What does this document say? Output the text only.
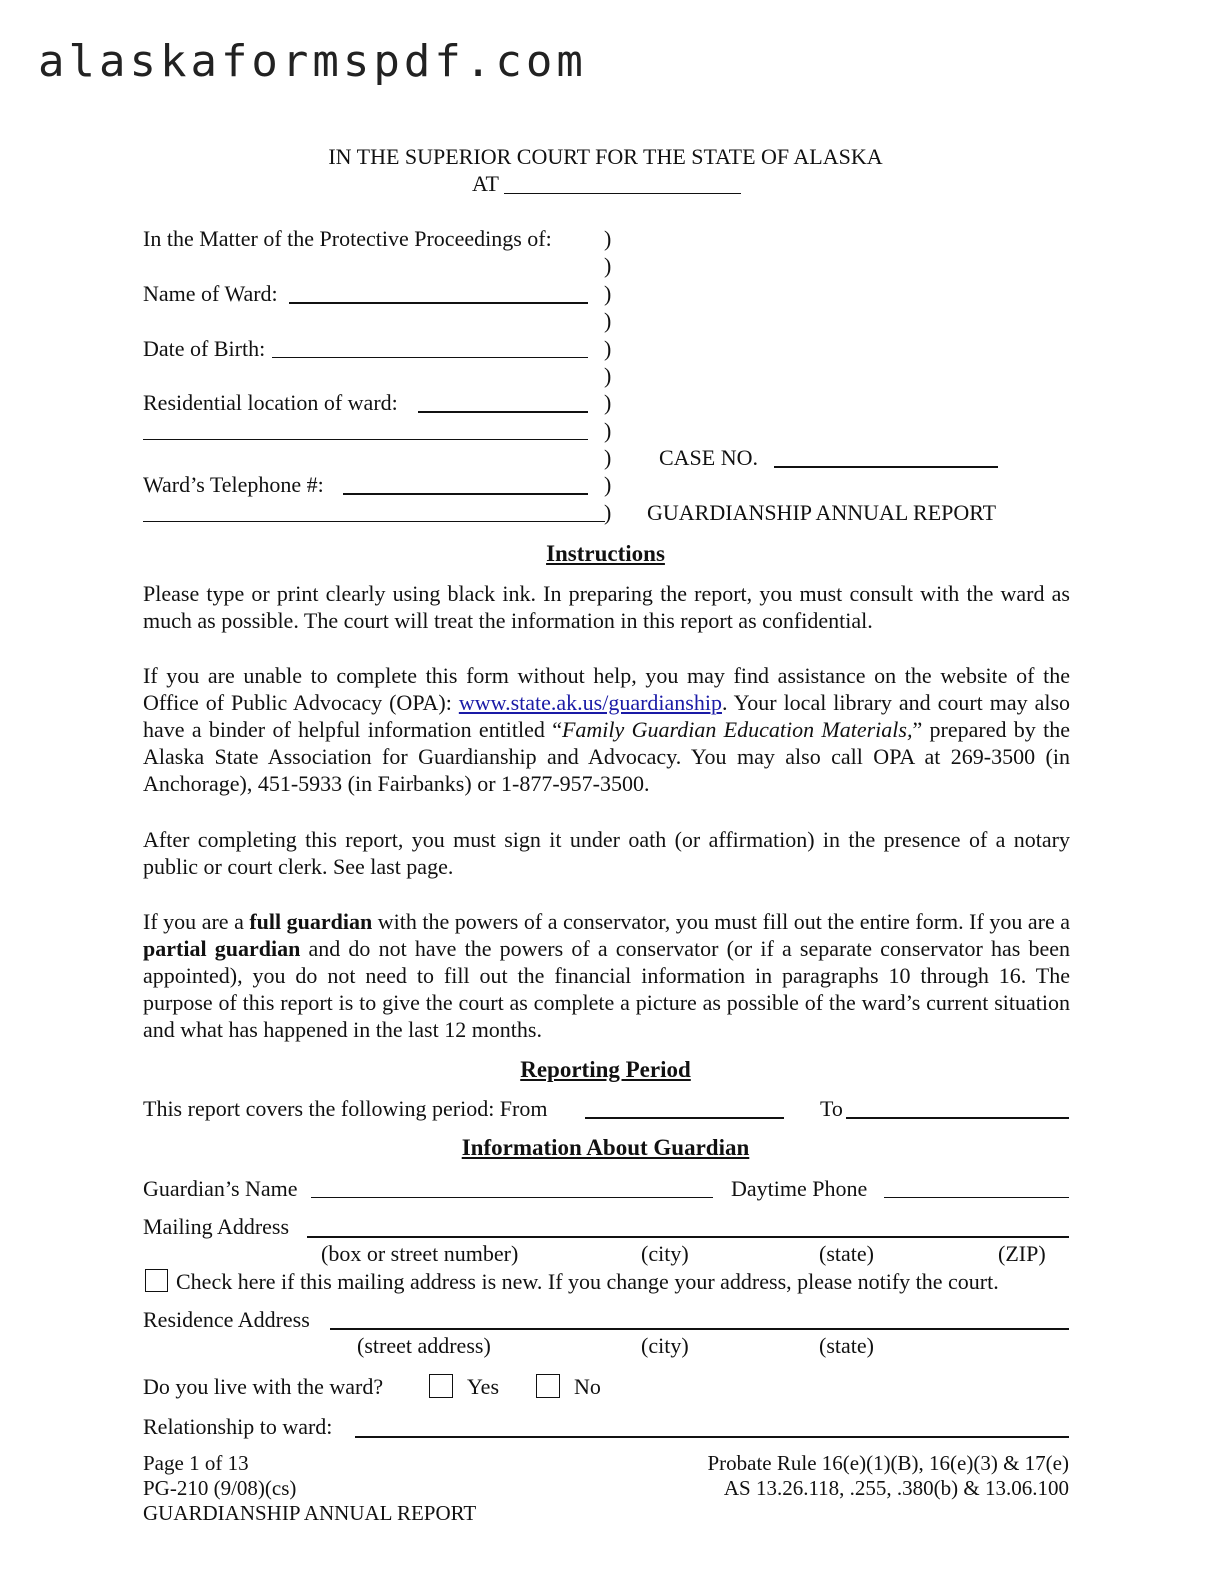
alaskaformspdf.com
IN THE SUPERIOR COURT FOR THE STATE OF ALASKA
AT
In the Matter of the Protective Proceedings of:
Name of Ward:
Date of Birth:
Residential location of ward:
Ward’s Telephone #:
)
)
)
)
)
)
)
)
)
)
)
CASE NO.
GUARDIANSHIP ANNUAL REPORT
Instructions
Please type or print clearly using black ink. In preparing the report, you must consult with the ward as much as possible. The court will treat the information in this report as confidential.
If you are unable to complete this form without help, you may find assistance on the website of the Office of Public Advocacy (OPA): www.state.ak.us/guardianship. Your local library and court may also have a binder of helpful information entitled “Family Guardian Education Materials,” prepared by the Alaska State Association for Guardianship and Advocacy. You may also call OPA at 269-3500 (in Anchorage), 451-5933 (in Fairbanks) or 1-877-957-3500.
After completing this report, you must sign it under oath (or affirmation) in the presence of a notary public or court clerk. See last page.
If you are a full guardian with the powers of a conservator, you must fill out the entire form. If you are a partial guardian and do not have the powers of a conservator (or if a separate conservator has been appointed), you do not need to fill out the financial information in paragraphs 10 through 16. The purpose of this report is to give the court as complete a picture as possible of the ward’s current situation and what has happened in the last 12 months.
Reporting Period
This report covers the following period: From	To
Information About Guardian
Guardian’s Name	Daytime Phone
Mailing Address
(box or street number)	(city)	(state)	(ZIP)
Check here if this mailing address is new. If you change your address, please notify the court.
Residence Address
(street address)	(city)	(state)
Do you live with the ward?	Yes	No
Relationship to ward:
Page 1 of 13
PG-210 (9/08)(cs)
GUARDIANSHIP ANNUAL REPORT
Probate Rule 16(e)(1)(B), 16(e)(3) & 17(e)
AS 13.26.118, .255, .380(b) & 13.06.100
